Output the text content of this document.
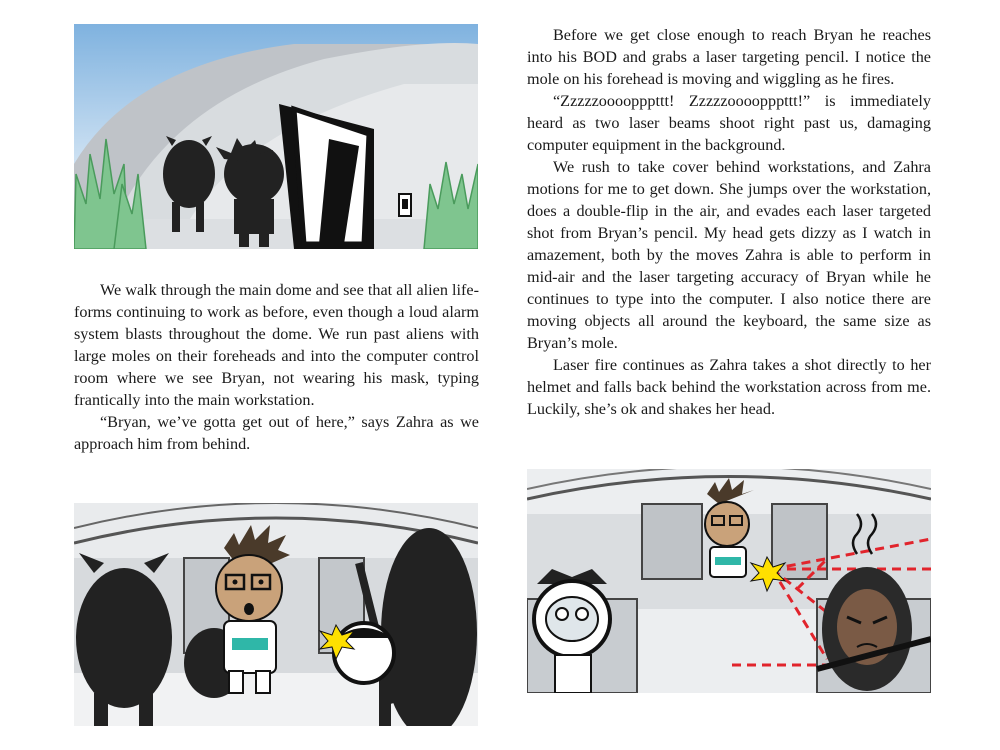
We walk through the main dome and see that all alien life-forms continuing to work as before, even though a loud alarm system blasts throughout the dome. We run past aliens with large moles on their foreheads and into the computer control room where we see Bryan, not wearing his mask, typing frantically into the main workstation.

“Bryan, we’ve gotta get out of here,” says Zahra as we approach him from behind.

Before we get close enough to reach Bryan he reaches into his BOD and grabs a laser targeting pencil. I notice the mole on his forehead is moving and wiggling as he fires.

“Zzzzzoooopppttt! Zzzzzoooopppttt!” is immediately heard as two laser beams shoot right past us, damaging computer equipment in the background.

We rush to take cover behind workstations, and Zahra motions for me to get down. She jumps over the workstation, does a double-flip in the air, and evades each laser targeted shot from Bryan’s pencil. My head gets dizzy as I watch in amazement, both by the moves Zahra is able to perform in mid-air and the laser targeting accuracy of Bryan while he continues to type into the computer. I also notice there are moving objects all around the keyboard, the same size as Bryan’s mole.

Laser fire continues as Zahra takes a shot directly to her helmet and falls back behind the workstation across from me. Luckily, she’s ok and shakes her head.
